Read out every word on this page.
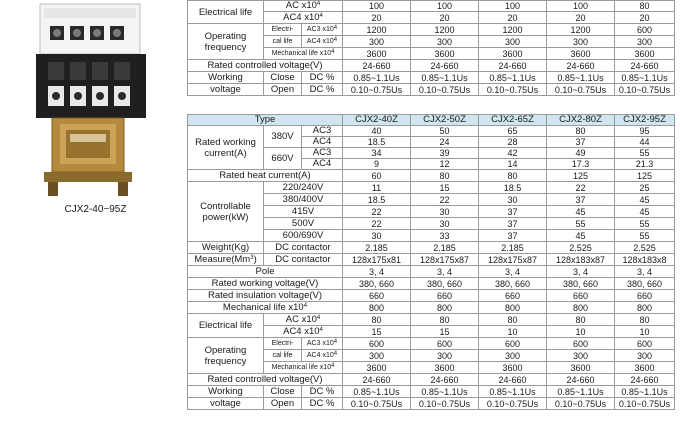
CJX2-40~95Z
Electrical life	AC $x10^4$		100	100	100	100	80
	AC4 $x10^4$		20	20	20	20	20
Operating frequency	Electri-	AC3 $x10^4$	1200	1200	1200	1200	600
	cal life	AC4 $x10^4$	300	300	300	300	300
	Mechanical life $x10^4$		3600	3600	3600	3600	3600
Rated controlled voltage(V)			24-660	24-660	24-660	24-660	24-660
Working	Close	DC %	0.85~1.1Us	0.85~1.1Us	0.85~1.1Us	0.85~1.1Us	0.85~1.1Us
voltage	Open	DC %	0.10~0.75Us	0.10~0.75Us	0.10~0.75Us	0.10~0.75Us	0.10~0.75Us
Type			CJX2-40Z	CJX2-50Z	CJX2-65Z	CJX2-80Z	CJX2-95Z
Rated working current(A)	380V	AC3	40	50	65	80	95
		AC4	18.5	24	28	37	44
	660V	AC3	34	39	42	49	55
		AC4	9	12	14	17.3	21.3
Rated heat current(A)			60	80	80	125	125
Controllable power(kW)	220/240V		11	15	18.5	22	25
	380/400V		18.5	22	30	37	45
	415V		22	30	37	45	45
	500V		22	30	37	55	55
	600/690V		30	33	37	45	55
Weight(Kg)	DC contactor		2.185	2.185	2.185	2.525	2.525
Measure(Mm$^3$)	DC contactor		128x175x81	128x175x87	128x175x87	128x183x87	128x183x8
Pole			3, 4	3, 4	3, 4	3, 4	3, 4
Rated working voltage(V)			380, 660	380, 660	380, 660	380, 660	380, 660
Rated insulation voltage(V)			660	660	660	660	660
Mechanical life $x10^4$			800	800	800	800	800
Electrical life	AC $x10^4$		80	80	80	80	80
	AC4 $x10^4$		15	15	10	10	10
Operating frequency	Electri-	AC3 $x10^4$	600	600	600	600	600
	cal life	AC4 $x10^4$	300	300	300	300	300
	Mechanical life $x10^4$		3600	3600	3600	3600	3600
Rated controlled voltage(V)			24-660	24-660	24-660	24-660	24-660
Working	Close	DC %	0.85~1.1Us	0.85~1.1Us	0.85~1.1Us	0.85~1.1Us	0.85~1.1Us
voltage	Open	DC %	0.10~0.75Us	0.10~0.75Us	0.10~0.75Us	0.10~0.75Us	0.10~0.75Us
